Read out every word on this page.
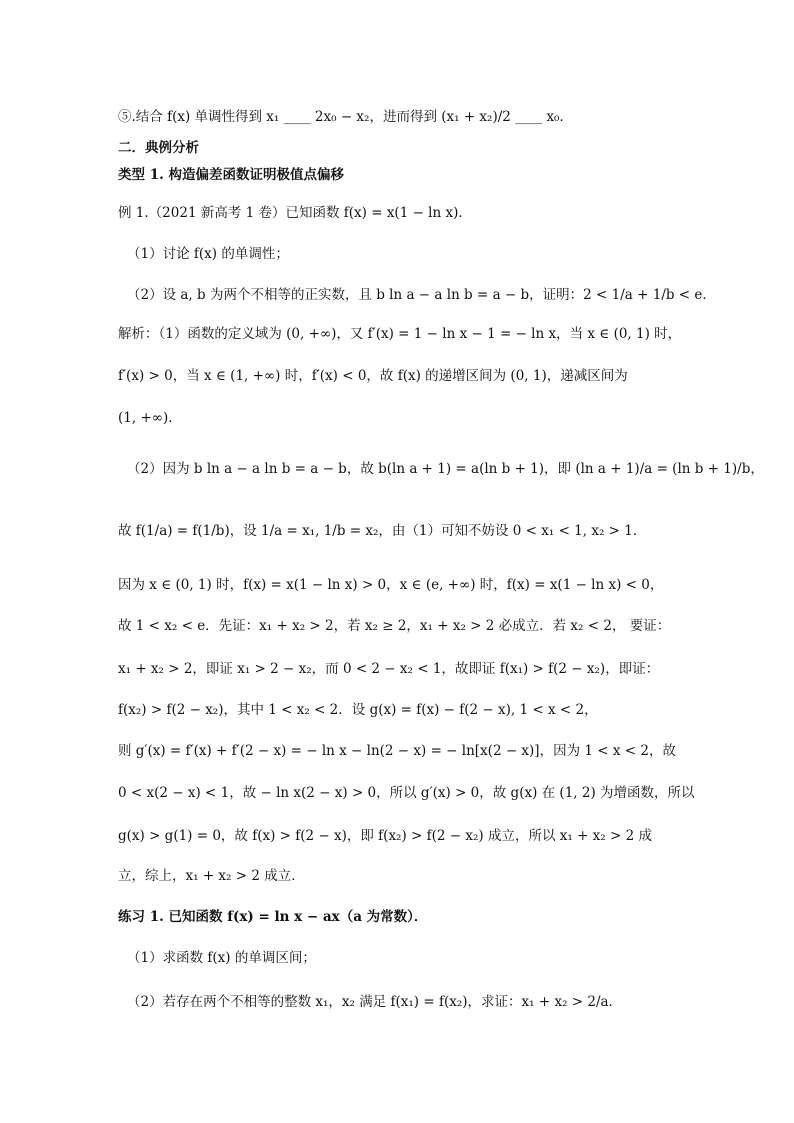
⑤.结合 f(x) 单调性得到 x₁ ____ 2x₀ − x₂，进而得到 (x₁ + x₂)/2 ____ x₀．
二．典例分析
类型 1. 构造偏差函数证明极值点偏移
例 1.（2021 新高考 1 卷）已知函数 f(x) = x(1 − ln x)．
（1）讨论 f(x) 的单调性；
（2）设 a, b 为两个不相等的正实数，且 b ln a − a ln b = a − b，证明：2 < 1/a + 1/b < e．
解析：（1）函数的定义域为 (0, +∞)，又 f′(x) = 1 − ln x − 1 = − ln x，当 x ∈ (0, 1) 时，
f′(x) > 0，当 x ∈ (1, +∞) 时，f′(x) < 0，故 f(x) 的递增区间为 (0, 1)，递减区间为
(1, +∞)．
（2）因为 b ln a − a ln b = a − b，故 b(ln a + 1) = a(ln b + 1)，即 (ln a + 1)/a = (ln b + 1)/b，
故 f(1/a) = f(1/b)，设 1/a = x₁, 1/b = x₂，由（1）可知不妨设 0 < x₁ < 1, x₂ > 1．
因为 x ∈ (0, 1) 时，f(x) = x(1 − ln x) > 0，x ∈ (e, +∞) 时，f(x) = x(1 − ln x) < 0，
故 1 < x₂ < e．先证：x₁ + x₂ > 2，若 x₂ ≥ 2，x₁ + x₂ > 2 必成立．若 x₂ < 2， 要证：
x₁ + x₂ > 2，即证 x₁ > 2 − x₂，而 0 < 2 − x₂ < 1，故即证 f(x₁) > f(2 − x₂)，即证：
f(x₂) > f(2 − x₂)，其中 1 < x₂ < 2．设 g(x) = f(x) − f(2 − x), 1 < x < 2，
则 g′(x) = f′(x) + f′(2 − x) = − ln x − ln(2 − x) = − ln[x(2 − x)]，因为 1 < x < 2，故
0 < x(2 − x) < 1，故 − ln x(2 − x) > 0，所以 g′(x) > 0，故 g(x) 在 (1, 2) 为增函数，所以
g(x) > g(1) = 0，故 f(x) > f(2 − x)，即 f(x₂) > f(2 − x₂) 成立，所以 x₁ + x₂ > 2 成
立，综上，x₁ + x₂ > 2 成立．
练习 1. 已知函数 f(x) = ln x − ax（a 为常数）．
（1）求函数 f(x) 的单调区间；
（2）若存在两个不相等的整数 x₁，x₂ 满足 f(x₁) = f(x₂)，求证：x₁ + x₂ > 2/a．
